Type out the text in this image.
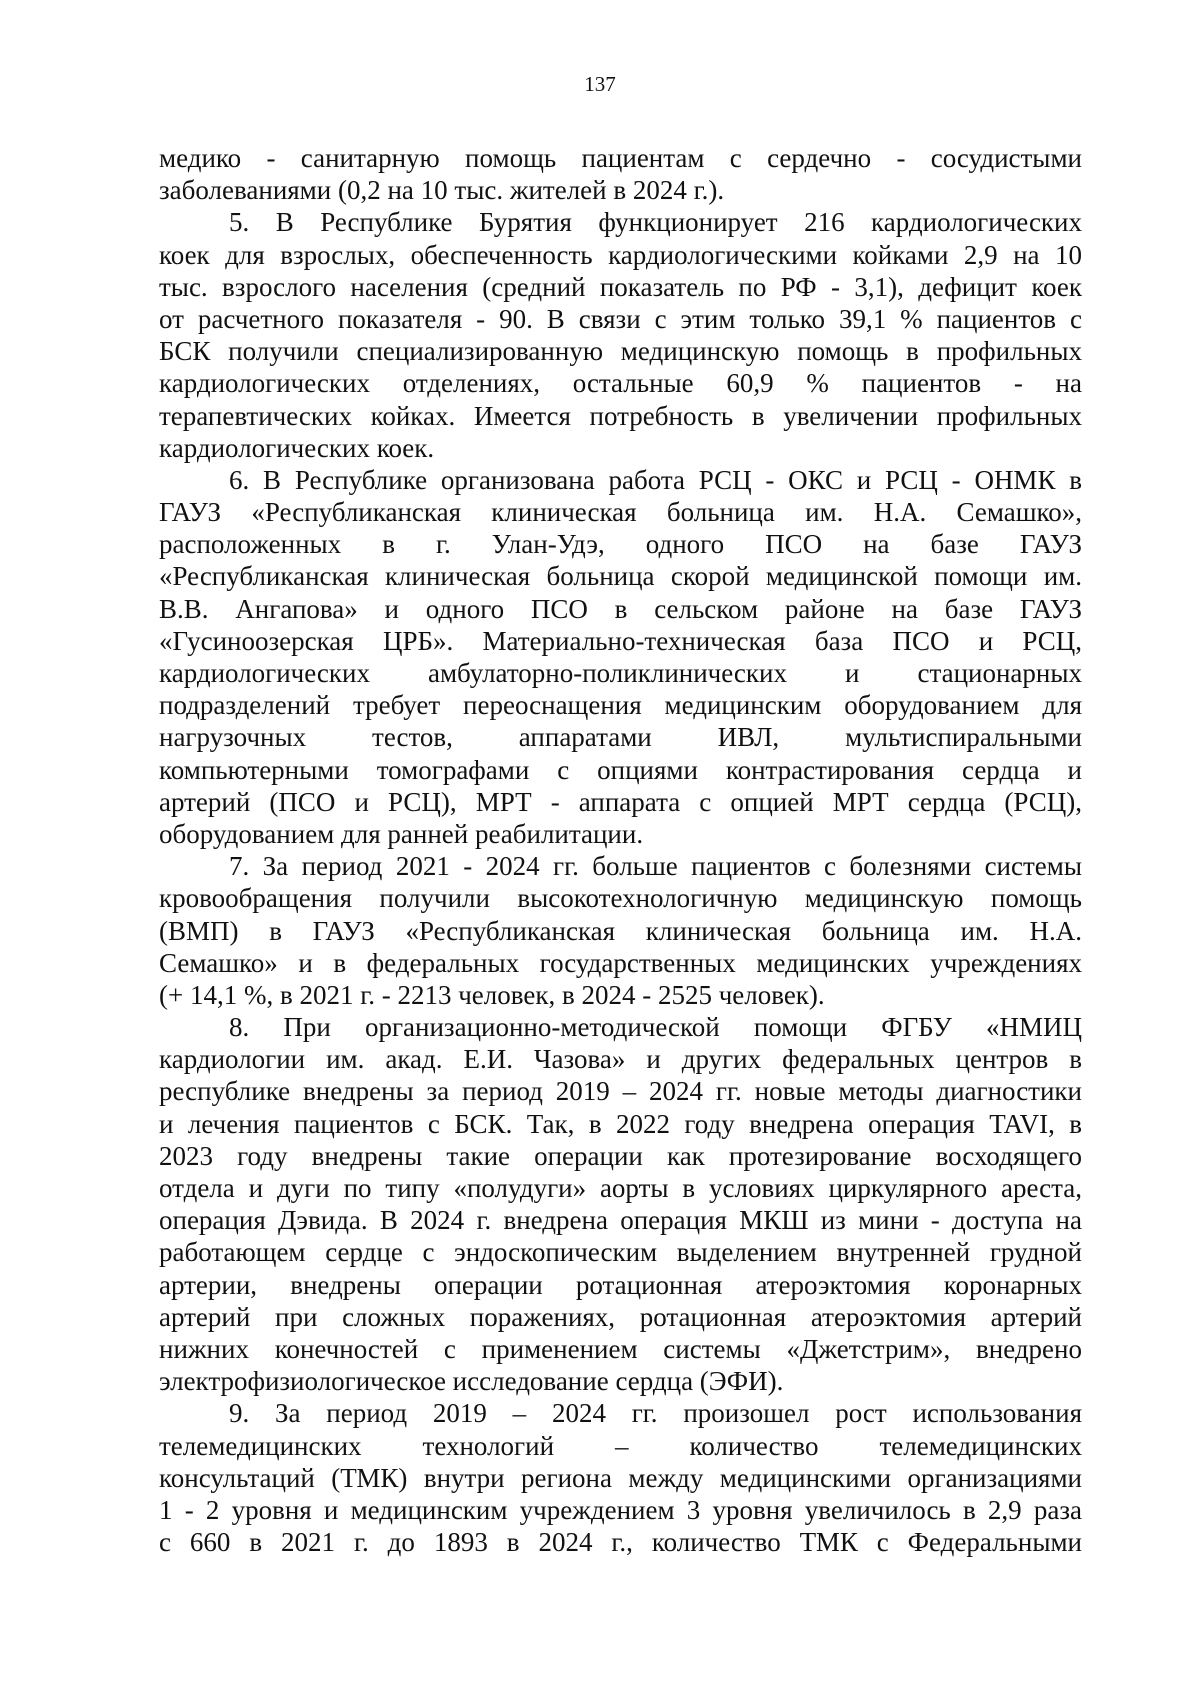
137
медико - санитарную помощь пациентам с сердечно - сосудистыми
заболеваниями (0,2 на 10 тыс. жителей в 2024 г.).
5. В Республике Бурятия функционирует 216 кардиологических
коек для взрослых, обеспеченность кардиологическими койками 2,9 на 10
тыс. взрослого населения (средний показатель по РФ - 3,1), дефицит коек
от расчетного показателя - 90. В связи с этим только 39,1 % пациентов с
БСК получили специализированную медицинскую помощь в профильных
кардиологических отделениях, остальные 60,9 % пациентов - на
терапевтических койках. Имеется потребность в увеличении профильных
кардиологических коек.
6. В Республике организована работа РСЦ - ОКС и РСЦ - ОНМК в
ГАУЗ «Республиканская клиническая больница им. Н.А. Семашко»,
расположенных в г. Улан-Удэ, одного ПСО на базе ГАУЗ
«Республиканская клиническая больница скорой медицинской помощи им.
В.В. Ангапова» и одного ПСО в сельском районе на базе ГАУЗ
«Гусиноозерская ЦРБ». Материально-техническая база ПСО и РСЦ,
кардиологических амбулаторно-поликлинических и стационарных
подразделений требует переоснащения медицинским оборудованием для
нагрузочных тестов, аппаратами ИВЛ, мультиспиральными
компьютерными томографами с опциями контрастирования сердца и
артерий (ПСО и РСЦ), МРТ - аппарата с опцией МРТ сердца (РСЦ),
оборудованием для ранней реабилитации.
7. За период 2021 - 2024 гг. больше пациентов с болезнями системы
кровообращения получили высокотехнологичную медицинскую помощь
(ВМП) в ГАУЗ «Республиканская клиническая больница им. Н.А.
Семашко» и в федеральных государственных медицинских учреждениях
(+ 14,1 %, в 2021 г. - 2213 человек, в 2024 - 2525 человек).
8. При организационно-методической помощи ФГБУ «НМИЦ
кардиологии им. акад. Е.И. Чазова» и других федеральных центров в
республике внедрены за период 2019 – 2024 гг. новые методы диагностики
и лечения пациентов с БСК. Так, в 2022 году внедрена операция TAVI, в
2023 году внедрены такие операции как протезирование восходящего
отдела и дуги по типу «полудуги» аорты в условиях циркулярного ареста,
операция Дэвида. В 2024 г. внедрена операция МКШ из мини - доступа на
работающем сердце с эндоскопическим выделением внутренней грудной
артерии, внедрены операции ротационная атероэктомия коронарных
артерий при сложных поражениях, ротационная атероэктомия артерий
нижних конечностей с применением системы «Джетстрим», внедрено
электрофизиологическое исследование сердца (ЭФИ).
9. За период 2019 – 2024 гг. произошел рост использования
телемедицинских технологий – количество телемедицинских
консультаций (ТМК) внутри региона между медицинскими организациями
1 - 2 уровня и медицинским учреждением 3 уровня увеличилось в 2,9 раза
с 660 в 2021 г. до 1893 в 2024 г., количество ТМК с Федеральными
